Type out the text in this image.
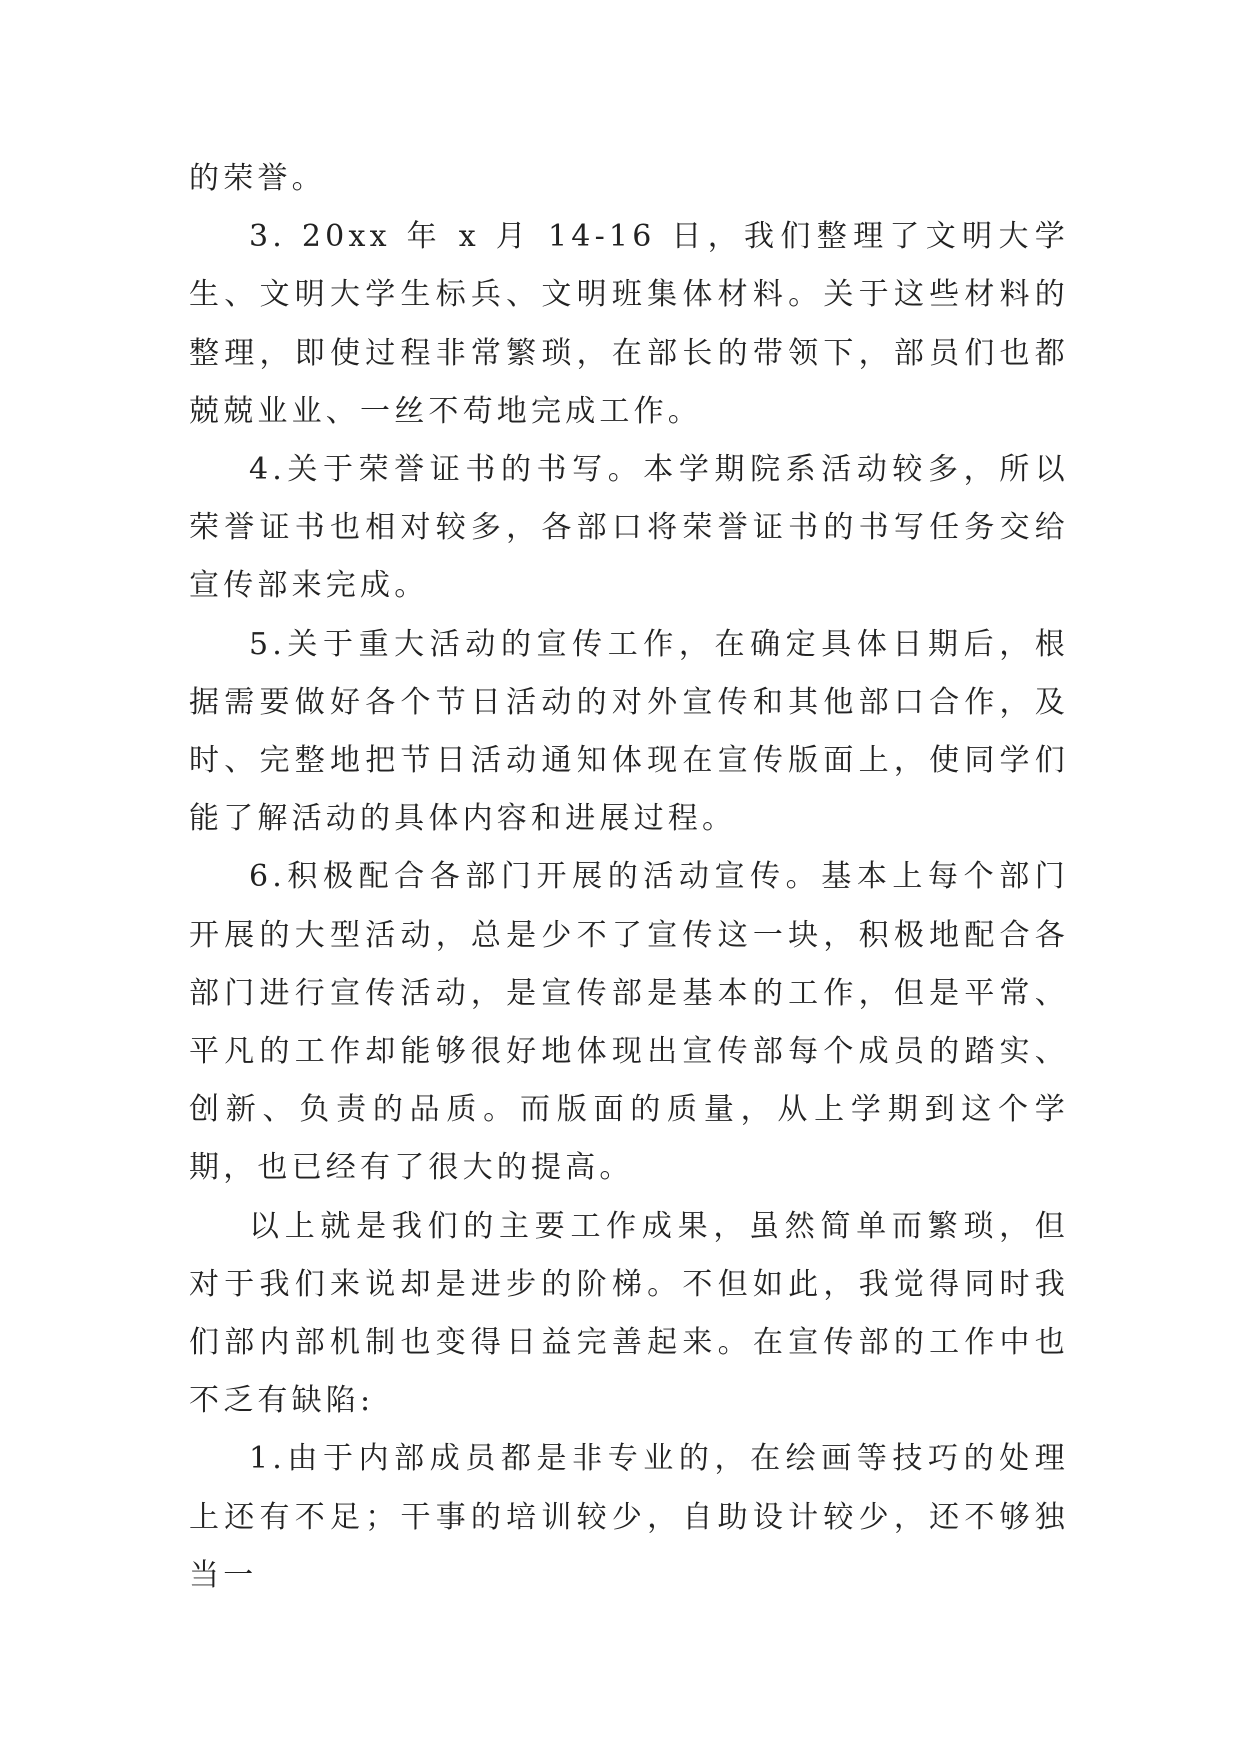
的荣誉。

3. 20xx 年 x 月 14-16 日，我们整理了文明大学生、文明大学生标兵、文明班集体材料。关于这些材料的整理，即使过程非常繁琐，在部长的带领下，部员们也都兢兢业业、一丝不苟地完成工作。

4.关于荣誉证书的书写。本学期院系活动较多，所以荣誉证书也相对较多，各部口将荣誉证书的书写任务交给宣传部来完成。

5.关于重大活动的宣传工作，在确定具体日期后，根据需要做好各个节日活动的对外宣传和其他部口合作，及时、完整地把节日活动通知体现在宣传版面上，使同学们能了解活动的具体内容和进展过程。

6.积极配合各部门开展的活动宣传。基本上每个部门开展的大型活动，总是少不了宣传这一块，积极地配合各部门进行宣传活动，是宣传部是基本的工作，但是平常、平凡的工作却能够很好地体现出宣传部每个成员的踏实、创新、负责的品质。而版面的质量，从上学期到这个学期，也已经有了很大的提高。

以上就是我们的主要工作成果，虽然简单而繁琐，但对于我们来说却是进步的阶梯。不但如此，我觉得同时我们部内部机制也变得日益完善起来。在宣传部的工作中也不乏有缺陷:

1.由于内部成员都是非专业的，在绘画等技巧的处理上还有不足；干事的培训较少，自助设计较少，还不够独当一
